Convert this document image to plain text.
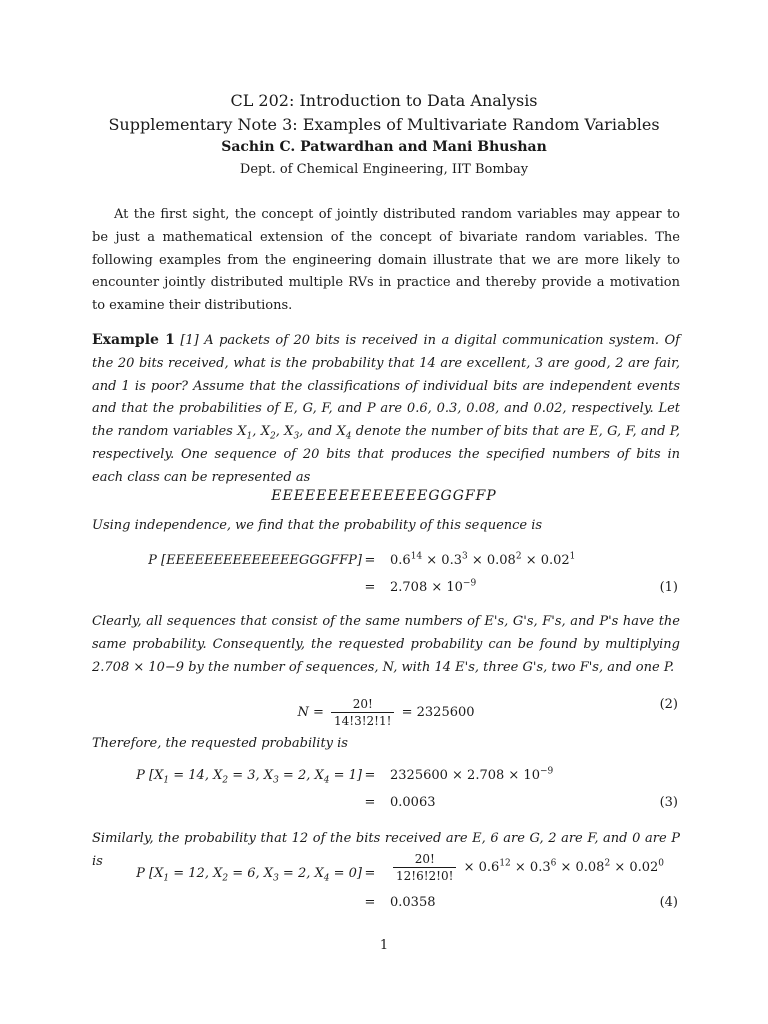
CL 202: Introduction to Data Analysis
Supplementary Note 3: Examples of Multivariate Random Variables
Sachin C. Patwardhan and Mani Bhushan
Dept. of Chemical Engineering, IIT Bombay
At the first sight, the concept of jointly distributed random variables may appear to be just a mathematical extension of the concept of bivariate random variables. The following examples from the engineering domain illustrate that we are more likely to encounter jointly distributed multiple RVs in practice and thereby provide a motivation to examine their distributions.
Example 1 [1] A packets of 20 bits is received in a digital communication system. Of the 20 bits received, what is the probability that 14 are excellent, 3 are good, 2 are fair, and 1 is poor? Assume that the classifications of individual bits are independent events and that the probabilities of E, G, F, and P are 0.6, 0.3, 0.08, and 0.02, respectively. Let the random variables $X_1$, $X_2$, $X_3$, and $X_4$ denote the number of bits that are E, G, F, and P, respectively. One sequence of 20 bits that produces the specified numbers of bits in each class can be represented as
EEEEEEEEEEEEEEGGGFFP
Using independence, we find that the probability of this sequence is
P [EEEEEEEEEEEEEEGGGFFP] =	$0.6^{14} \times 0.3^3 \times 0.08^2 \times 0.02^1$
=	$2.708 \times 10^{-9}$	(1)
Clearly, all sequences that consist of the same numbers of E's, G's, F's, and P's have the same probability. Consequently, the requested probability can be found by multiplying 2.708 × 10−9 by the number of sequences, N, with 14 E's, three G's, two F's, and one P.
$N = \frac{20!}{14!3!2!1!} = 2325600$
(2)
Therefore, the requested probability is
P [$X_1 = 14$, $X_2 = 3$, $X_3 = 2$, $X_4 = 1$] =	$2325600 \times 2.708 \times 10^{-9}$
=	0.0063	(3)
Similarly, the probability that 12 of the bits received are E, 6 are G, 2 are F, and 0 are P is
P [$X_1 = 12$, $X_2 = 6$, $X_3 = 2$, $X_4 = 0$] =	$\frac{20!}{12!6!2!0!} \times 0.6^{12} \times 0.3^6 \times 0.08^2 \times 0.02^0$
=	0.0358	(4)
1
